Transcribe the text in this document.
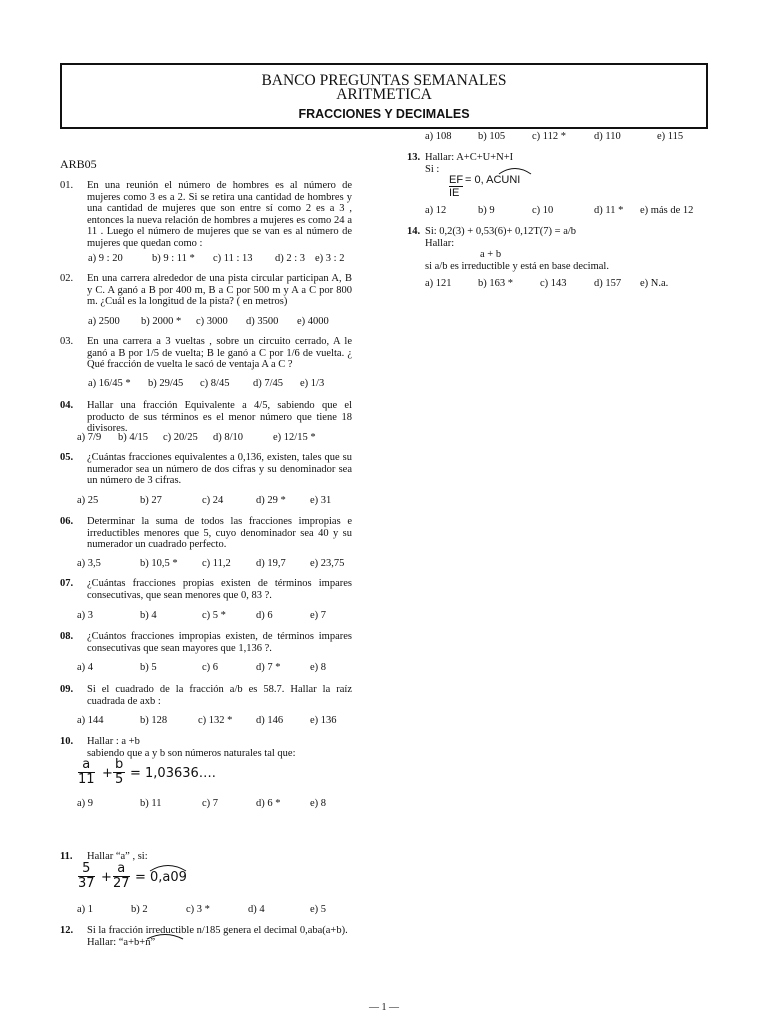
BANCO PREGUNTAS SEMANALES
ARITMETICA
FRACCIONES Y DECIMALES
ARB05
01. En una reunión el número de hombres es al número de mujeres como 3 es a 2. Si se retira una cantidad de hombres y una cantidad de mujeres que son entre sí como 2 es a 3 , entonces la nueva relación de hombres a mujeres es como 24 a 11 . Luego el número de mujeres que se van es al número de mujeres que quedan como :
a) 9 : 20	b) 9 : 11 * c) 11 : 13 d) 2 : 3 e) 3 : 2
02. En una carrera alrededor de una pista circular participan A, B y C. A ganó a B por 400 m, B a C por 500 m y A a C por 800 m. ¿Cuál es la longitud de la pista? ( en metros)
a) 2500 b) 2000 * c) 3000 d) 3500 e) 4000
03. En una carrera a 3 vueltas , sobre un circuito cerrado, A le ganó a B por 1/5 de vuelta; B le ganó a C por 1/6 de vuelta. ¿ Qué fracción de vuelta le sacó de ventaja A a C ?
a) 16/45 * b) 29/45 c) 8/45 d) 7/45 e) 1/3
04. Hallar una fracción Equivalente a 4/5, sabiendo que el producto de sus términos es el menor número que tiene 18 divisores.
a) 7/9 b) 4/15 c) 20/25 d) 8/10	e) 12/15 *
05. ¿Cuántas fracciones equivalentes a 0,136, existen, tales que su numerador sea un número de dos cifras y su denominador sea un número de 3 cifras.
a) 25	b) 27	c) 24	d) 29 * e) 31
06. Determinar la suma de todos las fracciones impropias e irreductibles menores que 5, cuyo denominador sea 40 y su numerador un cuadrado perfecto.
a) 3,5	b) 10,5 * c) 11,2 d) 19,7 e) 23,75
07. ¿Cuántas fracciones propias existen de términos impares consecutivas, que sean menores que 0, 83 ?.
a) 3	b) 4	c) 5 *	d) 6	e) 7
08. ¿Cuántos fracciones impropias existen, de términos impares consecutivas que sean mayores que 1,136 ?.
a) 4	b) 5	c) 6	d) 7 *	e) 8
09. Si el cuadrado de la fracción a/b es 58.7. Hallar la raíz cuadrada de axb :
a) 144	b) 128	c) 132 * d) 146	e) 136
10. Hallar : a +b
sabiendo que a y b son números naturales tal que:
$\frac{a}{11} + \frac{b}{5}$ = 1,03636….
a) 9	b) 11	c) 7	d) 6 *	e) 8
11. Hallar “a” , si:
$\frac{5}{37} + \frac{a}{27} = 0,a09$
a) 1	b) 2	c) 3 *	d) 4	e) 5
12. Si la fracción irreductible n/185 genera el decimal 0,aba(a+b).
Hallar: “a+b+n”
a) 108	b) 105	c) 112 *	d) 110	e) 115
13. Hallar: A+C+U+N+I
Si :
$\frac{EF}{IE} = 0$, ACUNI
a) 12	b) 9	c) 10	d) 11 * e) más de 12
14. Si: 0,2(3) + 0,53(6)+ 0,12T(7) = a/b
Hallar:
a + b
si a/b es irreductible y está en base decimal.
a) 121	b) 163 *	c) 143	d) 157 e) N.a.
— 1 —
